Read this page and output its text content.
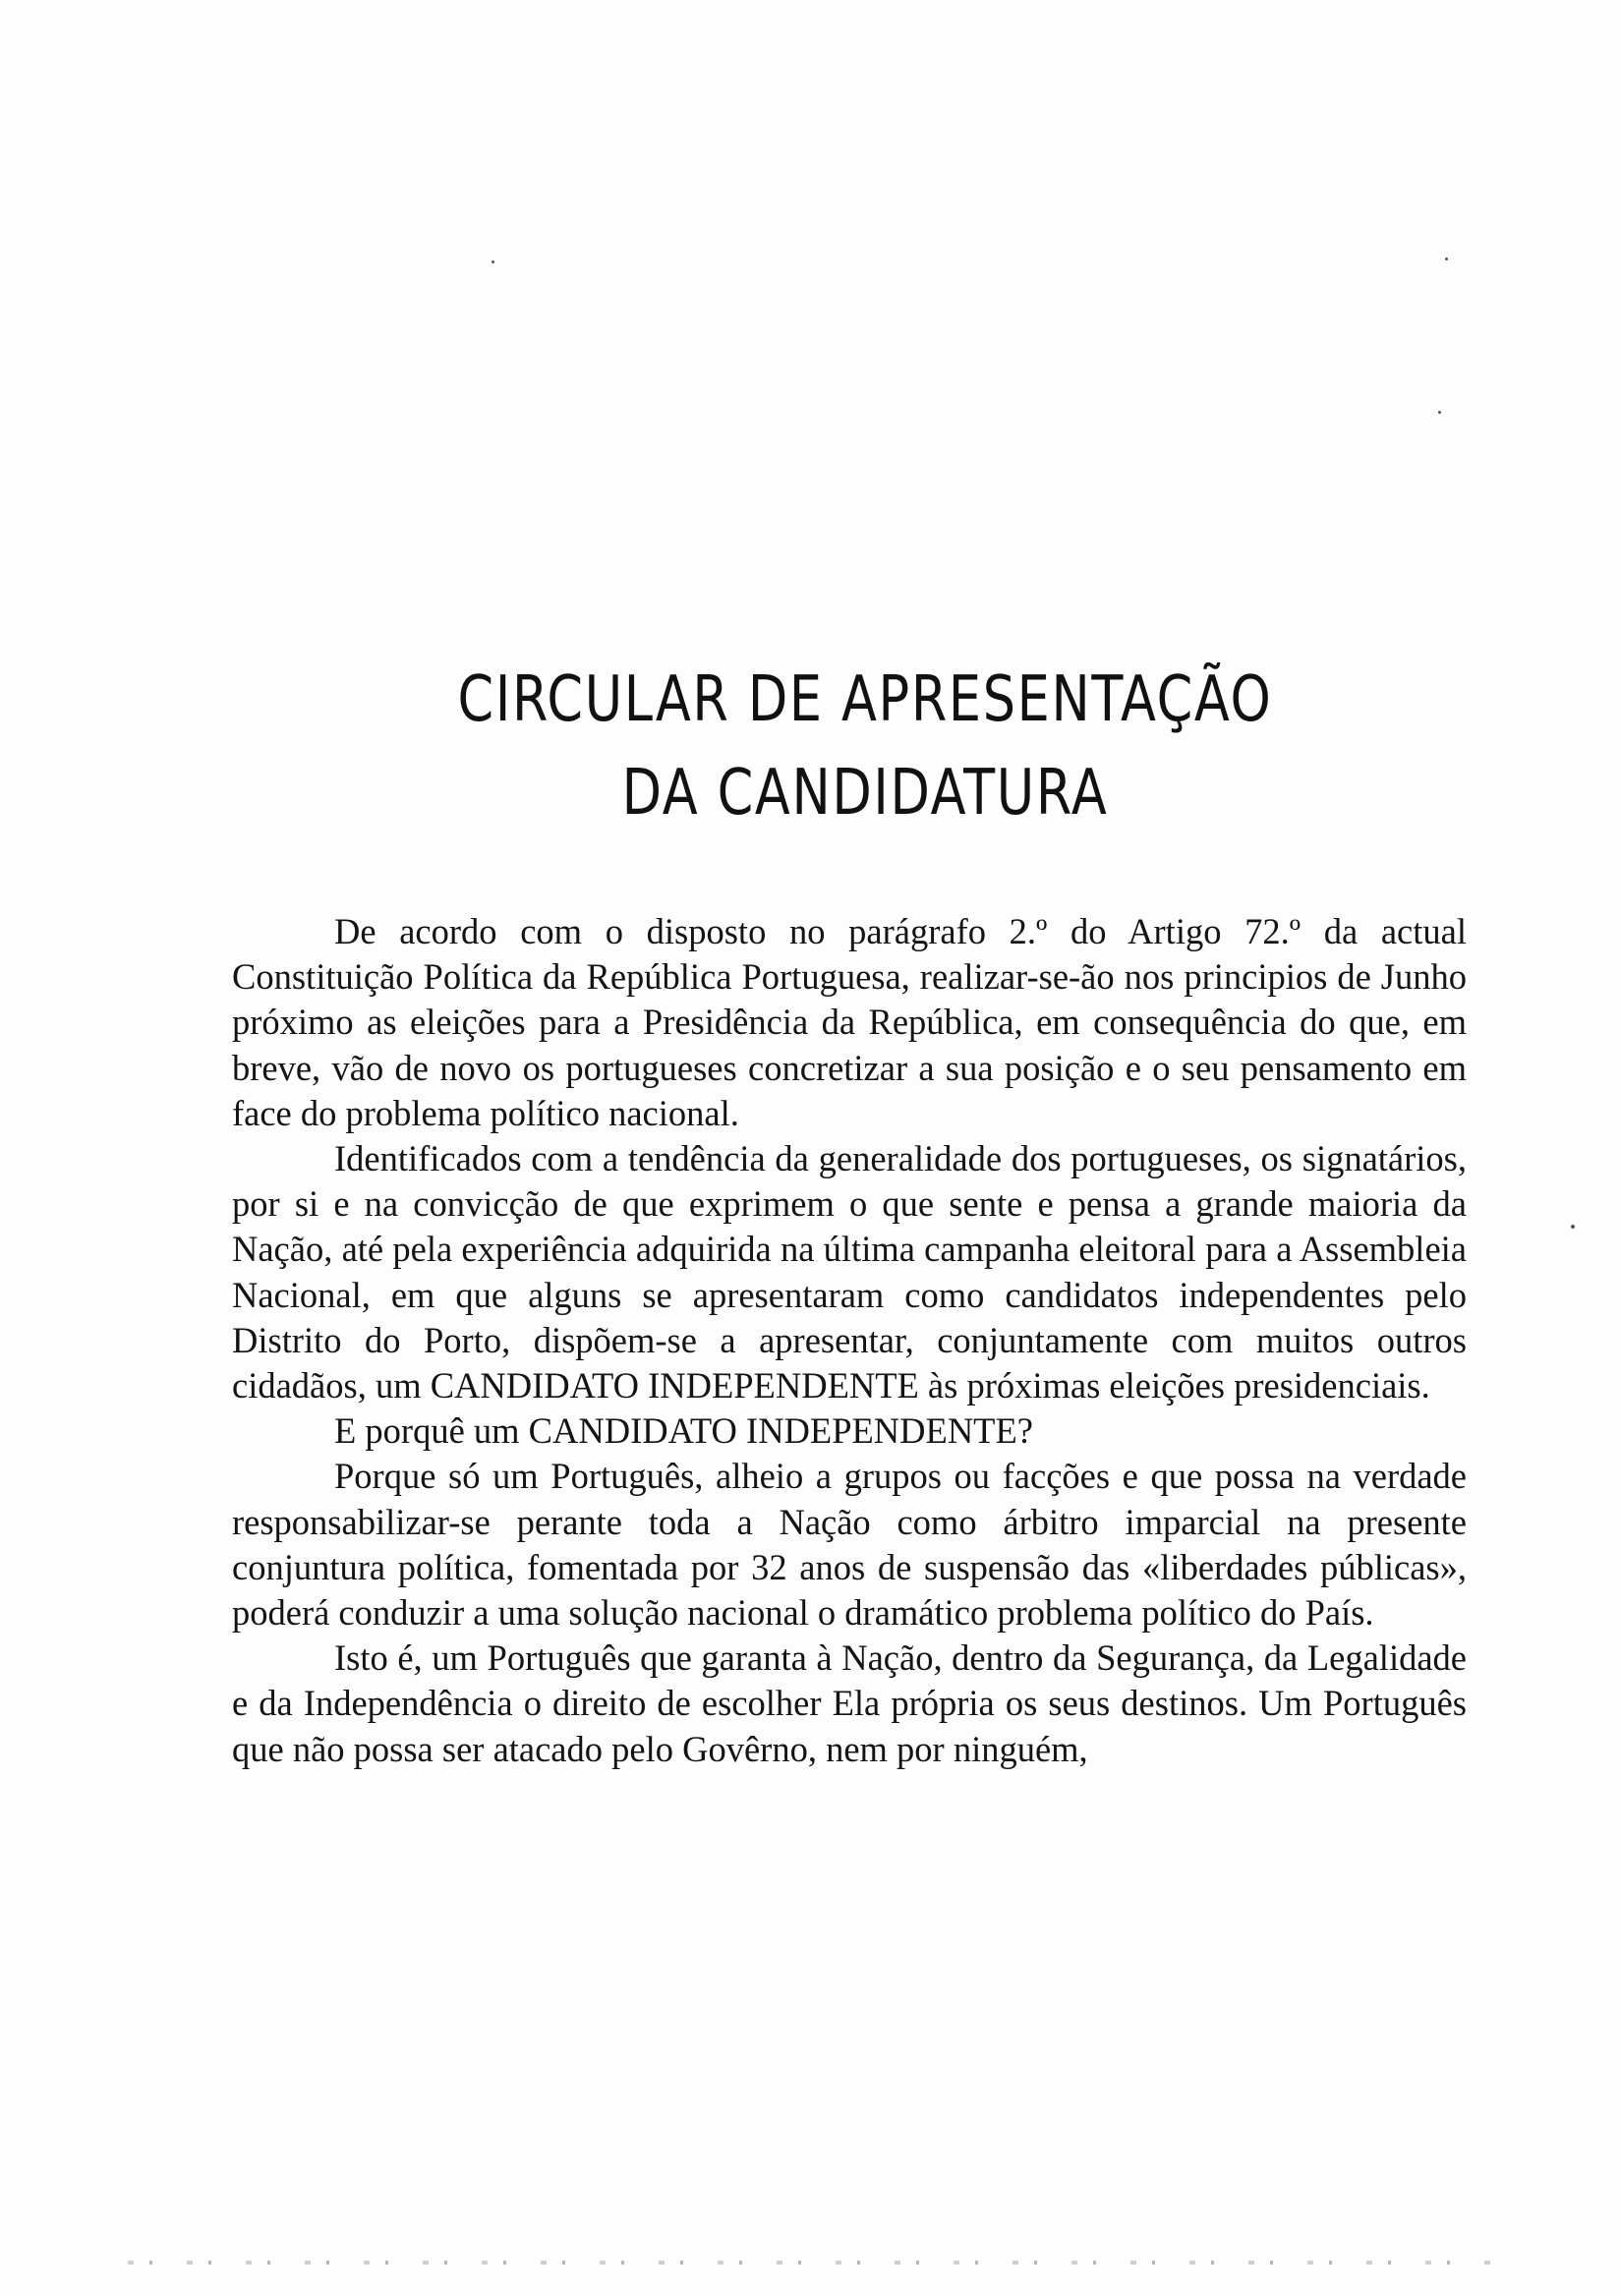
CIRCULAR DE APRESENTAÇÃO
DA CANDIDATURA

De acordo com o disposto no parágrafo 2.º do Artigo 72.º da actual Constituição Política da República Portuguesa, realizar-se-ão nos principios de Junho próximo as eleições para a Presidência da República, em consequência do que, em breve, vão de novo os portugueses concretizar a sua posição e o seu pensamento em face do problema político nacional.

Identificados com a tendência da generalidade dos portugueses, os signatários, por si e na convicção de que exprimem o que sente e pensa a grande maioria da Nação, até pela experiência adquirida na última campanha eleitoral para a Assembleia Nacional, em que alguns se apresentaram como candidatos independentes pelo Distrito do Porto, dispõem-se a apresentar, conjuntamente com muitos outros cidadãos, um CANDIDATO INDEPENDENTE às próximas eleições presidenciais.

E porquê um CANDIDATO INDEPENDENTE?

Porque só um Português, alheio a grupos ou facções e que possa na verdade responsabilizar-se perante toda a Nação como árbitro imparcial na presente conjuntura política, fomentada por 32 anos de suspensão das «liberdades públicas», poderá conduzir a uma solução nacional o dramático problema político do País.

Isto é, um Português que garanta à Nação, dentro da Segurança, da Legalidade e da Independência o direito de escolher Ela própria os seus destinos. Um Português que não possa ser atacado pelo Govêrno, nem por ninguém,
